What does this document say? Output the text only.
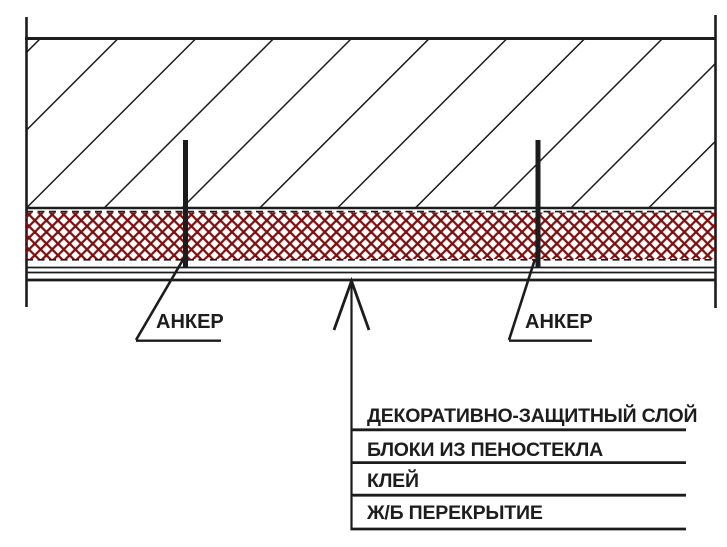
АНКЕР	АНКЕР
ДЕКОРАТИВНО-ЗАЩИТНЫЙ СЛОЙ
БЛОКИ ИЗ ПЕНОСТЕКЛА
КЛЕЙ
Ж/Б ПЕРЕКРЫТИЕ
